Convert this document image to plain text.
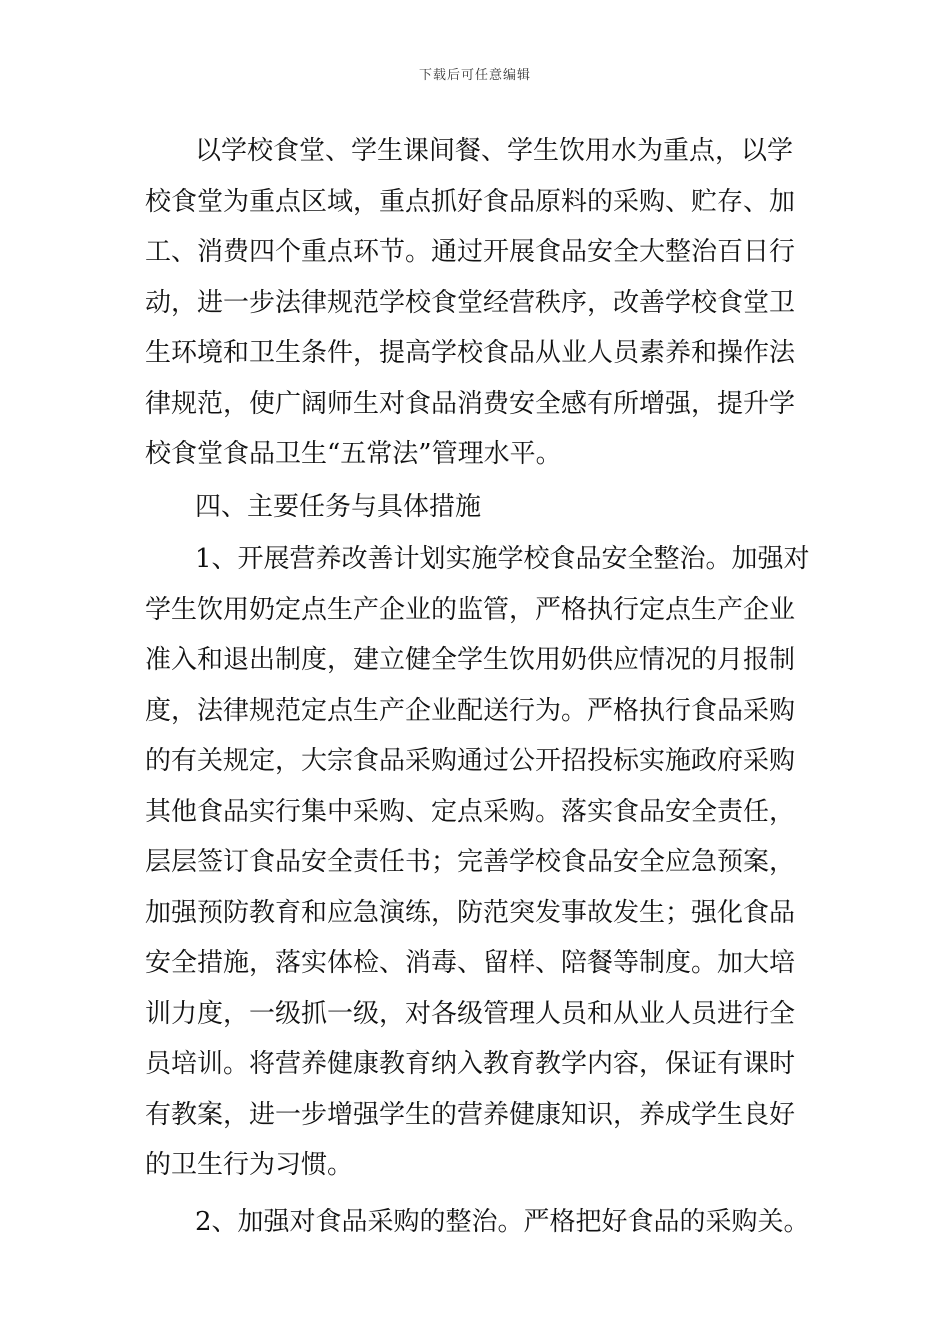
下载后可任意编辑
以学校食堂、学生课间餐、学生饮用水为重点，以学
校食堂为重点区域，重点抓好食品原料的采购、贮存、加
工、消费四个重点环节。通过开展食品安全大整治百日行
动，进一步法律规范学校食堂经营秩序，改善学校食堂卫
生环境和卫生条件，提高学校食品从业人员素养和操作法
律规范，使广阔师生对食品消费安全感有所增强，提升学
校食堂食品卫生“五常法”管理水平。
四、主要任务与具体措施
1、开展营养改善计划实施学校食品安全整治。加强对
学生饮用奶定点生产企业的监管，严格执行定点生产企业
准入和退出制度，建立健全学生饮用奶供应情况的月报制
度，法律规范定点生产企业配送行为。严格执行食品采购
的有关规定，大宗食品采购通过公开招投标实施政府采购
其他食品实行集中采购、定点采购。落实食品安全责任，
层层签订食品安全责任书；完善学校食品安全应急预案，
加强预防教育和应急演练，防范突发事故发生；强化食品
安全措施，落实体检、消毒、留样、陪餐等制度。加大培
训力度，一级抓一级，对各级管理人员和从业人员进行全
员培训。将营养健康教育纳入教育教学内容，保证有课时
有教案，进一步增强学生的营养健康知识，养成学生良好
的卫生行为习惯。
2、加强对食品采购的整治。严格把好食品的采购关。
